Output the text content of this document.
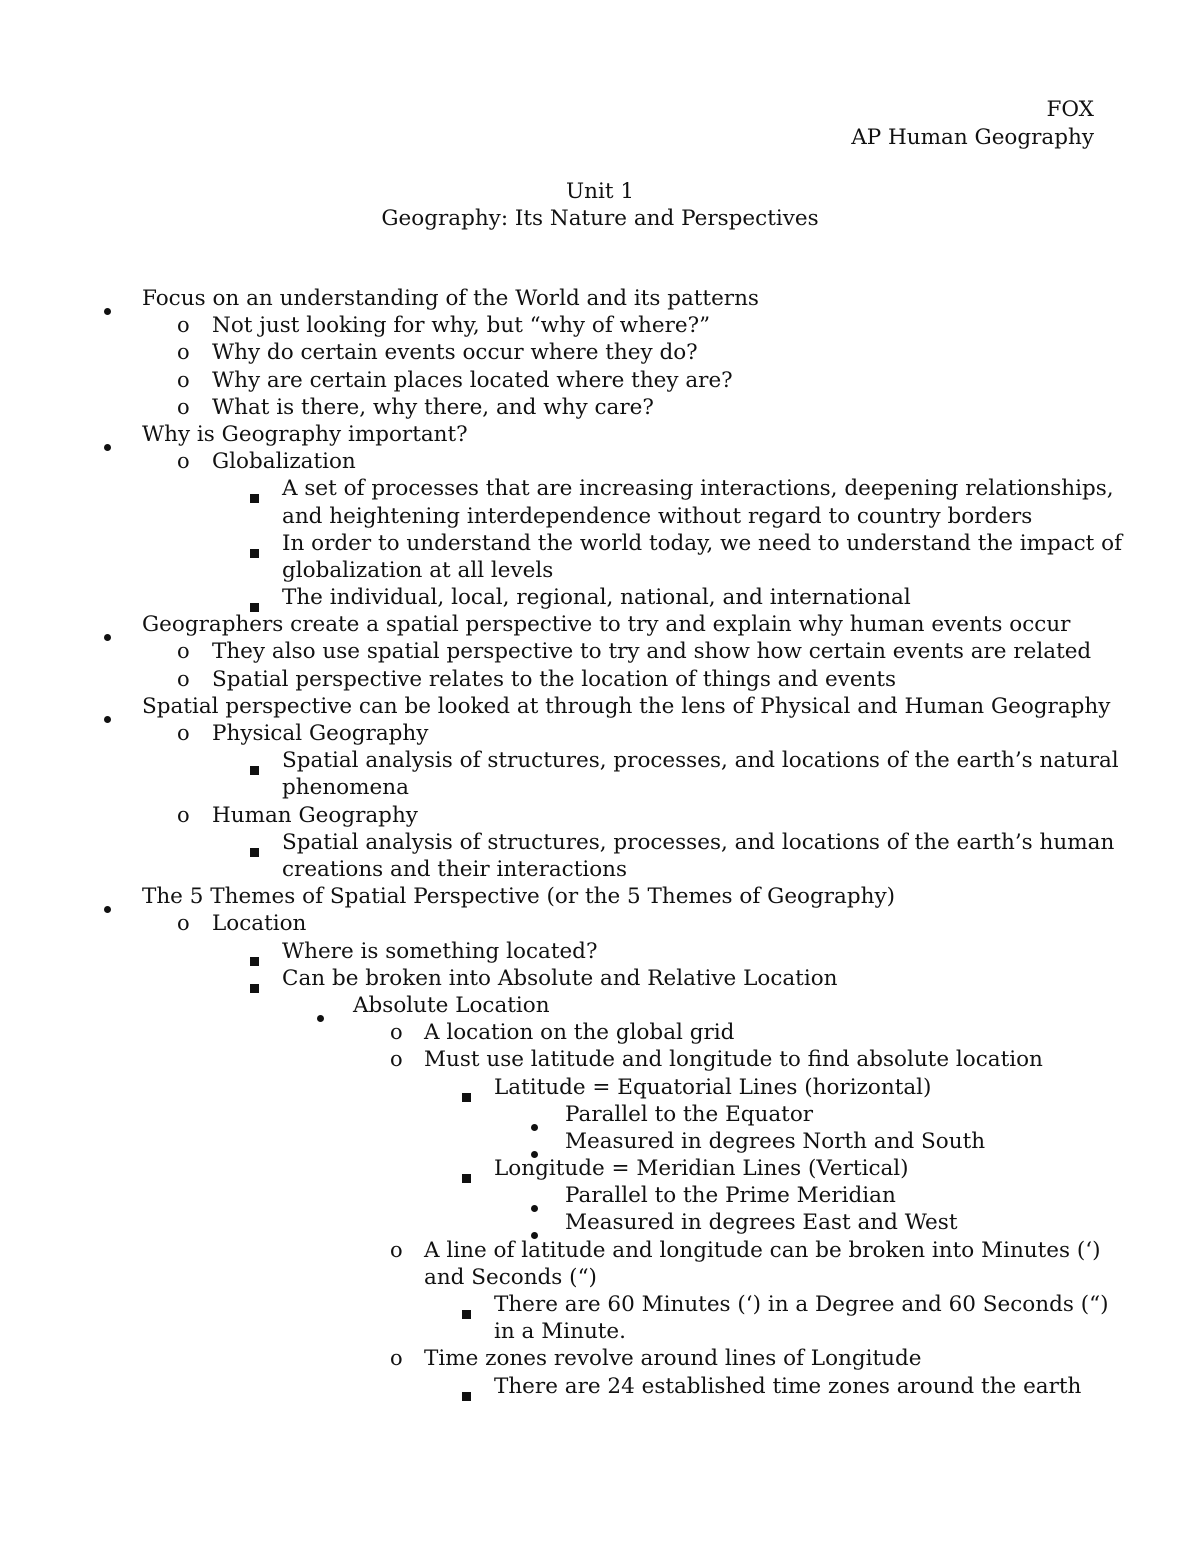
FOX
AP Human Geography
Unit 1
Geography: Its Nature and Perspectives
Focus on an understanding of the World and its patterns
o Not just looking for why, but “why of where?”
o Why do certain events occur where they do?
o Why are certain places located where they are?
o What is there, why there, and why care?
Why is Geography important?
o Globalization
A set of processes that are increasing interactions, deepening relationships,
and heightening interdependence without regard to country borders
In order to understand the world today, we need to understand the impact of
globalization at all levels
The individual, local, regional, national, and international
Geographers create a spatial perspective to try and explain why human events occur
o They also use spatial perspective to try and show how certain events are related
o Spatial perspective relates to the location of things and events
Spatial perspective can be looked at through the lens of Physical and Human Geography
o Physical Geography
Spatial analysis of structures, processes, and locations of the earth’s natural
phenomena
o Human Geography
Spatial analysis of structures, processes, and locations of the earth’s human
creations and their interactions
The 5 Themes of Spatial Perspective (or the 5 Themes of Geography)
o Location
Where is something located?
Can be broken into Absolute and Relative Location
Absolute Location
o A location on the global grid
o Must use latitude and longitude to find absolute location
Latitude = Equatorial Lines (horizontal)
Parallel to the Equator
Measured in degrees North and South
Longitude = Meridian Lines (Vertical)
Parallel to the Prime Meridian
Measured in degrees East and West
o A line of latitude and longitude can be broken into Minutes (‘)
and Seconds (“)
There are 60 Minutes (‘) in a Degree and 60 Seconds (“)
in a Minute.
o Time zones revolve around lines of Longitude
There are 24 established time zones around the earth
